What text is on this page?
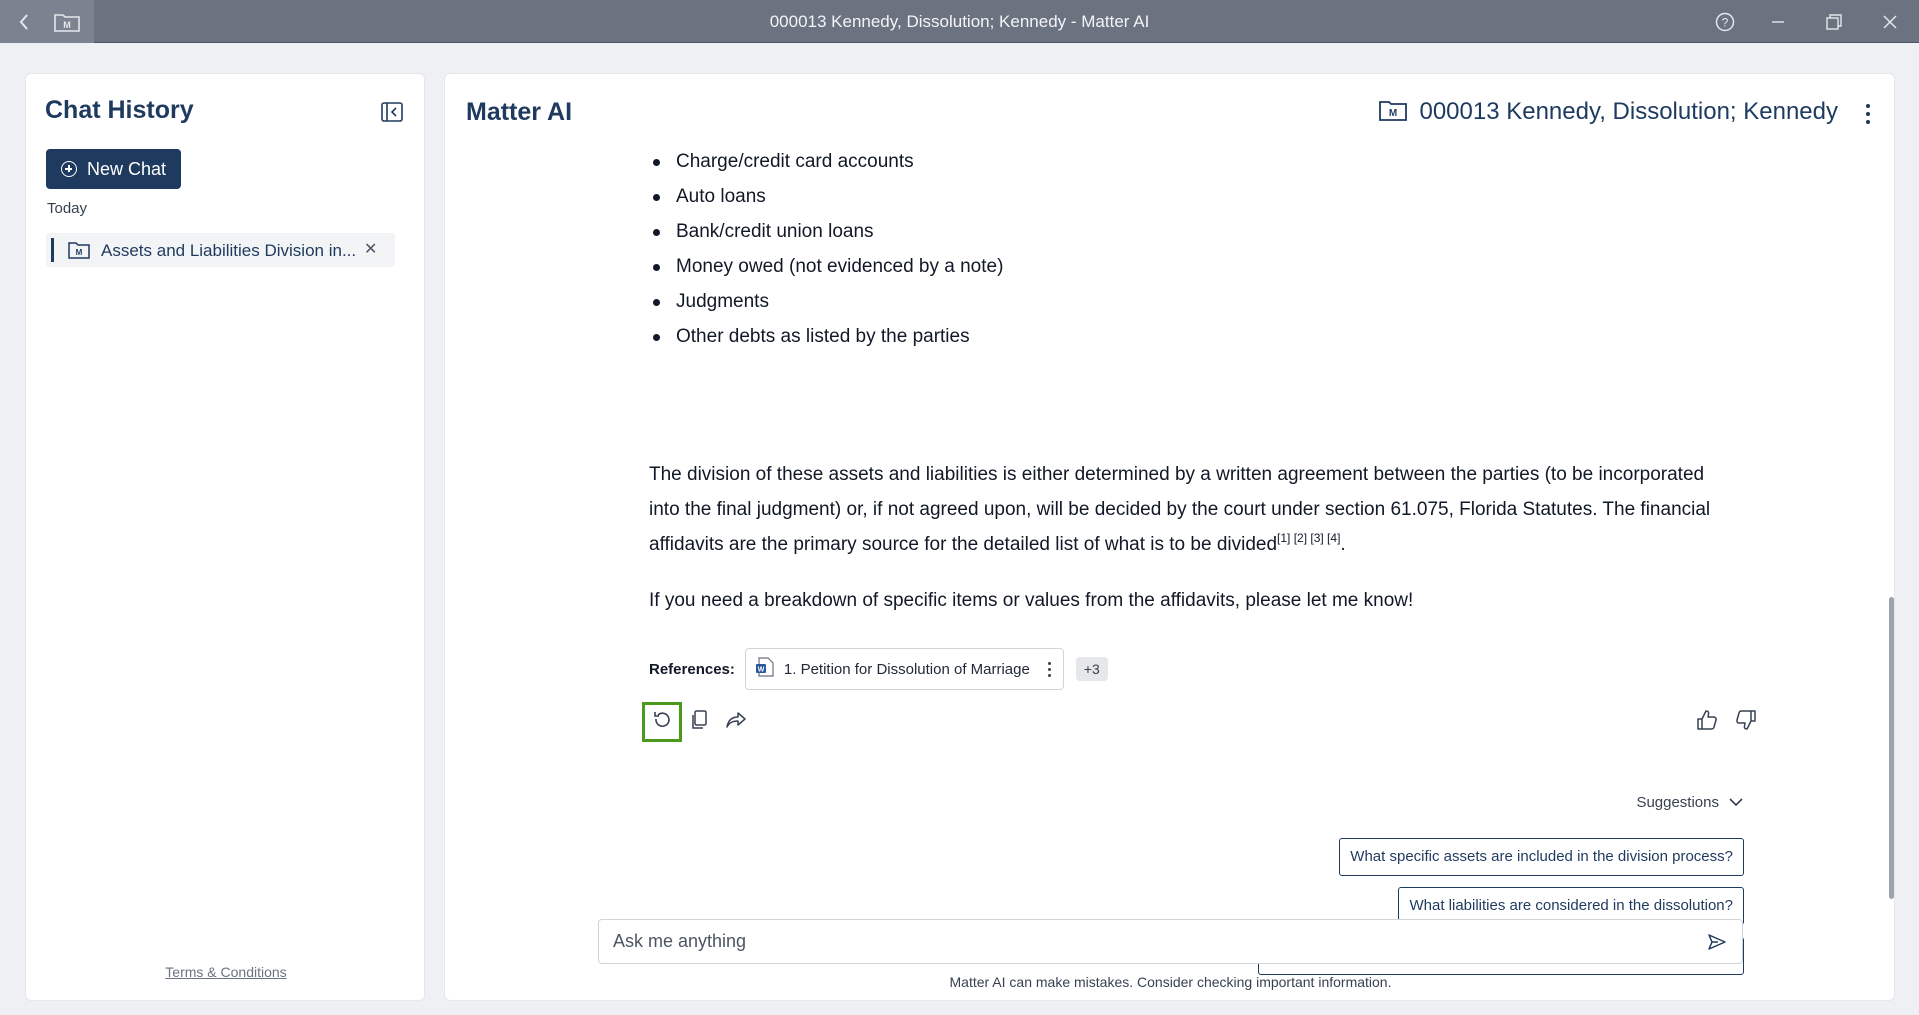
M	000013 Kennedy, Dissolution; Kennedy - Matter AI	?
Chat History
New Chat
Today
M Assets and Liabilities Division in... ✕
Terms & Conditions
Matter AI	M 000013 Kennedy, Dissolution; Kennedy
Charge/credit card accounts
Auto loans
Bank/credit union loans
Money owed (not evidenced by a note)
Judgments
Other debts as listed by the parties
The division of these assets and liabilities is either determined by a written agreement between the parties (to be incorporated into the final judgment) or, if not agreed upon, will be decided by the court under section 61.075, Florida Statutes. The financial affidavits are the primary source for the detailed list of what is to be divided[1] [2] [3] [4].
If you need a breakdown of specific items or values from the affidavits, please let me know!
References:	W 1. Petition for Dissolution of Marriage	+3
Suggestions
What specific assets are included in the division process?
What liabilities are considered in the dissolution?
Ask me anything
Matter AI can make mistakes. Consider checking important information.
